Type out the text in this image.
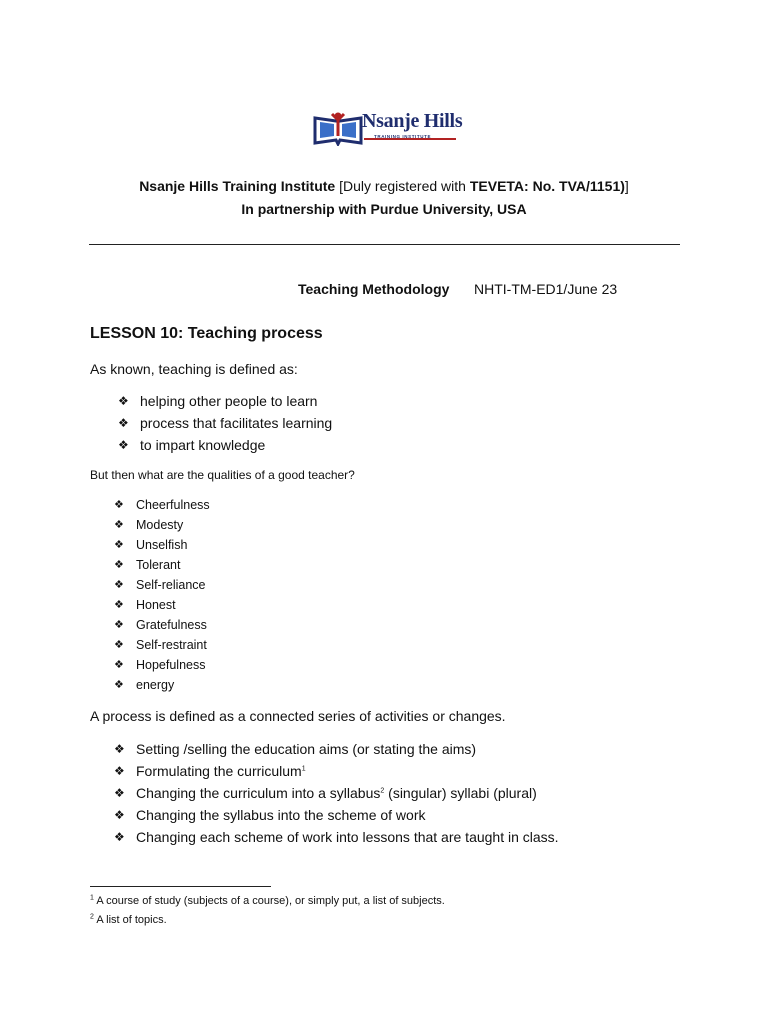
Nsanje Hills
TRAINING INSTITUTE
Nsanje Hills Training Institute [Duly registered with TEVETA: No. TVA/1151)]
In partnership with Purdue University, USA
Teaching Methodology NHTI-TM-ED1/June 23
LESSON 10: Teaching process
As known, teaching is defined as:
❖
helping other people to learn
❖
process that facilitates learning
❖
to impart knowledge
But then what are the qualities of a good teacher?
❖
Cheerfulness
❖
Modesty
❖
Unselfish
❖
Tolerant
❖
Self-reliance
❖
Honest
❖
Gratefulness
❖
Self-restraint
❖
Hopefulness
❖
energy
A process is defined as a connected series of activities or changes.
❖
Setting /selling the education aims (or stating the aims)
❖
Formulating the curriculum$^1$
❖
Changing the curriculum into a syllabus$^2$ (singular) syllabi (plural)
❖
Changing the syllabus into the scheme of work
❖
Changing each scheme of work into lessons that are taught in class.
$^1$ A course of study (subjects of a course), or simply put, a list of subjects.
$^2$ A list of topics.
